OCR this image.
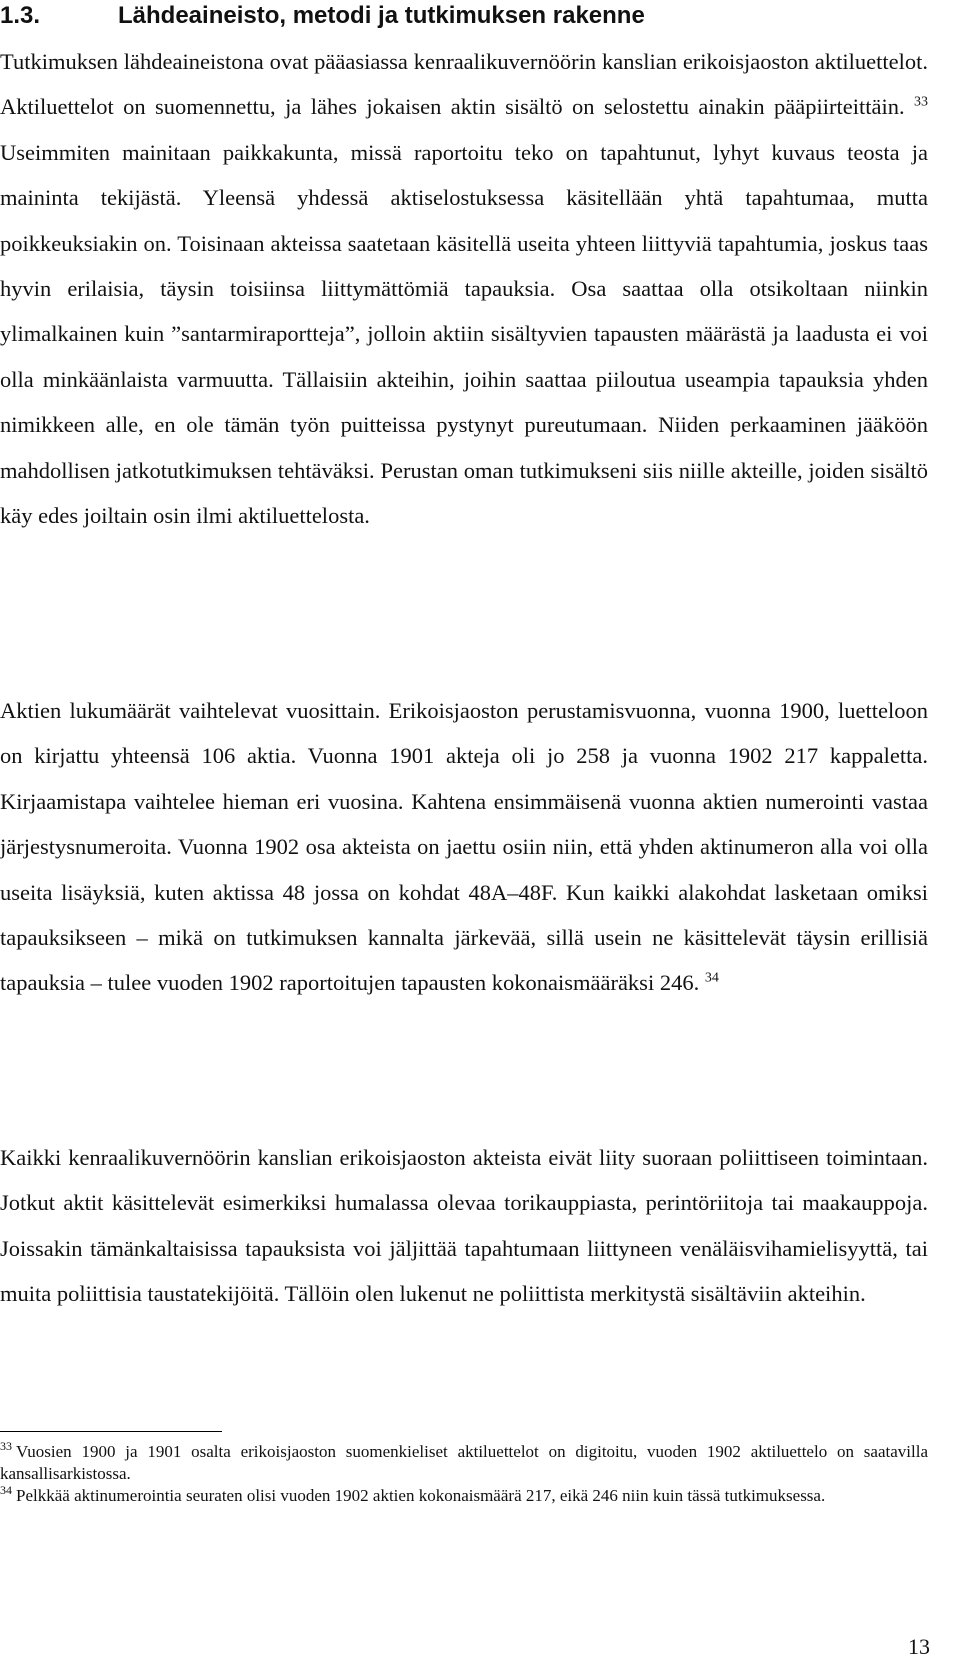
1.3.	Lähdeaineisto, metodi ja tutkimuksen rakenne

Tutkimuksen lähdeaineistona ovat pääasiassa kenraalikuvernöörin kanslian erikoisjaoston aktiluettelot. Aktiluettelot on suomennettu, ja lähes jokaisen aktin sisältö on selostettu ainakin pääpiirteittäin. $^{33}$ Useimmiten mainitaan paikkakunta, missä raportoitu teko on tapahtunut, lyhyt kuvaus teosta ja maininta tekijästä. Yleensä yhdessä aktiselostuksessa käsitellään yhtä tapahtumaa, mutta poikkeuksiakin on. Toisinaan akteissa saatetaan käsitellä useita yhteen liittyviä tapahtumia, joskus taas hyvin erilaisia, täysin toisiinsa liittymättömiä tapauksia. Osa saattaa olla otsikoltaan niinkin ylimalkainen kuin ”santarmiraportteja”, jolloin aktiin sisältyvien tapausten määrästä ja laadusta ei voi olla minkäänlaista varmuutta. Tällaisiin akteihin, joihin saattaa piiloutua useampia tapauksia yhden nimikkeen alle, en ole tämän työn puitteissa pystynyt pureutumaan. Niiden perkaaminen jääköön mahdollisen jatkotutkimuksen tehtäväksi. Perustan oman tutkimukseni siis niille akteille, joiden sisältö käy edes joiltain osin ilmi aktiluettelosta.

Aktien lukumäärät vaihtelevat vuosittain. Erikoisjaoston perustamisvuonna, vuonna 1900, luetteloon on kirjattu yhteensä 106 aktia. Vuonna 1901 akteja oli jo 258 ja vuonna 1902 217 kappaletta. Kirjaamistapa vaihtelee hieman eri vuosina. Kahtena ensimmäisenä vuonna aktien numerointi vastaa järjestysnumeroita. Vuonna 1902 osa akteista on jaettu osiin niin, että yhden aktinumeron alla voi olla useita lisäyksiä, kuten aktissa 48 jossa on kohdat 48A–48F. Kun kaikki alakohdat lasketaan omiksi tapauksikseen – mikä on tutkimuksen kannalta järkevää, sillä usein ne käsittelevät täysin erillisiä tapauksia – tulee vuoden 1902 raportoitujen tapausten kokonaismääräksi 246. $^{34}$

Kaikki kenraalikuvernöörin kanslian erikoisjaoston akteista eivät liity suoraan poliittiseen toimintaan. Jotkut aktit käsittelevät esimerkiksi humalassa olevaa torikauppiasta, perintöriitoja tai maakauppoja. Joissakin tämänkaltaisissa tapauksista voi jäljittää tapahtumaan liittyneen venäläisvihamielisyyttä, tai muita poliittisia taustatekijöitä. Tällöin olen lukenut ne poliittista merkitystä sisältäviin akteihin.

$^{33}$ Vuosien 1900 ja 1901 osalta erikoisjaoston suomenkieliset aktiluettelot on digitoitu, vuoden 1902 aktiluettelo on saatavilla kansallisarkistossa.

$^{34}$ Pelkkää aktinumerointia seuraten olisi vuoden 1902 aktien kokonaismäärä 217, eikä 246 niin kuin tässä tutkimuksessa.

13
